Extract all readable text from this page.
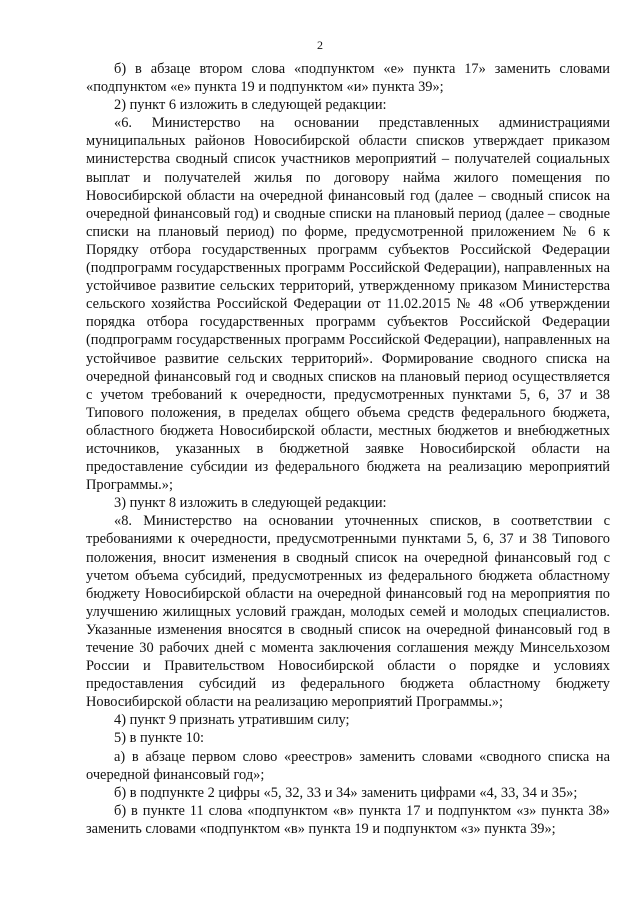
2

б) в абзаце втором слова «подпунктом «е» пункта 17» заменить словами «подпунктом «е» пункта 19 и подпунктом «и» пункта 39»;

2) пункт 6 изложить в следующей редакции:

«6. Министерство на основании представленных администрациями муниципальных районов Новосибирской области списков утверждает приказом министерства сводный список участников мероприятий – получателей социальных выплат и получателей жилья по договору найма жилого помещения по Новосибирской области на очередной финансовый год (далее – сводный список на очередной финансовый год) и сводные списки на плановый период (далее – сводные списки на плановый период) по форме, предусмотренной приложением № 6 к Порядку отбора государственных программ субъектов Российской Федерации (подпрограмм государственных программ Российской Федерации), направленных на устойчивое развитие сельских территорий, утвержденному приказом Министерства сельского хозяйства Российской Федерации от 11.02.2015 № 48 «Об утверждении порядка отбора государственных программ субъектов Российской Федерации (подпрограмм государственных программ Российской Федерации), направленных на устойчивое развитие сельских территорий». Формирование сводного списка на очередной финансовый год и сводных списков на плановый период осуществляется с учетом требований к очередности, предусмотренных пунктами 5, 6, 37 и 38 Типового положения, в пределах общего объема средств федерального бюджета, областного бюджета Новосибирской области, местных бюджетов и внебюджетных источников, указанных в бюджетной заявке Новосибирской области на предоставление субсидии из федерального бюджета на реализацию мероприятий Программы.»;

3) пункт 8 изложить в следующей редакции:

«8. Министерство на основании уточненных списков, в соответствии с требованиями к очередности, предусмотренными пунктами 5, 6, 37 и 38 Типового положения, вносит изменения в сводный список на очередной финансовый год с учетом объема субсидий, предусмотренных из федерального бюджета областному бюджету Новосибирской области на очередной финансовый год на мероприятия по улучшению жилищных условий граждан, молодых семей и молодых специалистов. Указанные изменения вносятся в сводный список на очередной финансовый год в течение 30 рабочих дней с момента заключения соглашения между Минсельхозом России и Правительством Новосибирской области о порядке и условиях предоставления субсидий из федерального бюджета областному бюджету Новосибирской области на реализацию мероприятий Программы.»;

4) пункт 9 признать утратившим силу;

5) в пункте 10:

а) в абзаце первом слово «реестров» заменить словами «сводного списка на очередной финансовый год»;

б) в подпункте 2 цифры «5, 32, 33 и 34» заменить цифрами «4, 33, 34 и 35»;

б) в пункте 11 слова «подпунктом «в» пункта 17 и подпунктом «з» пункта 38» заменить словами «подпунктом «в» пункта 19 и подпунктом «з» пункта 39»;
